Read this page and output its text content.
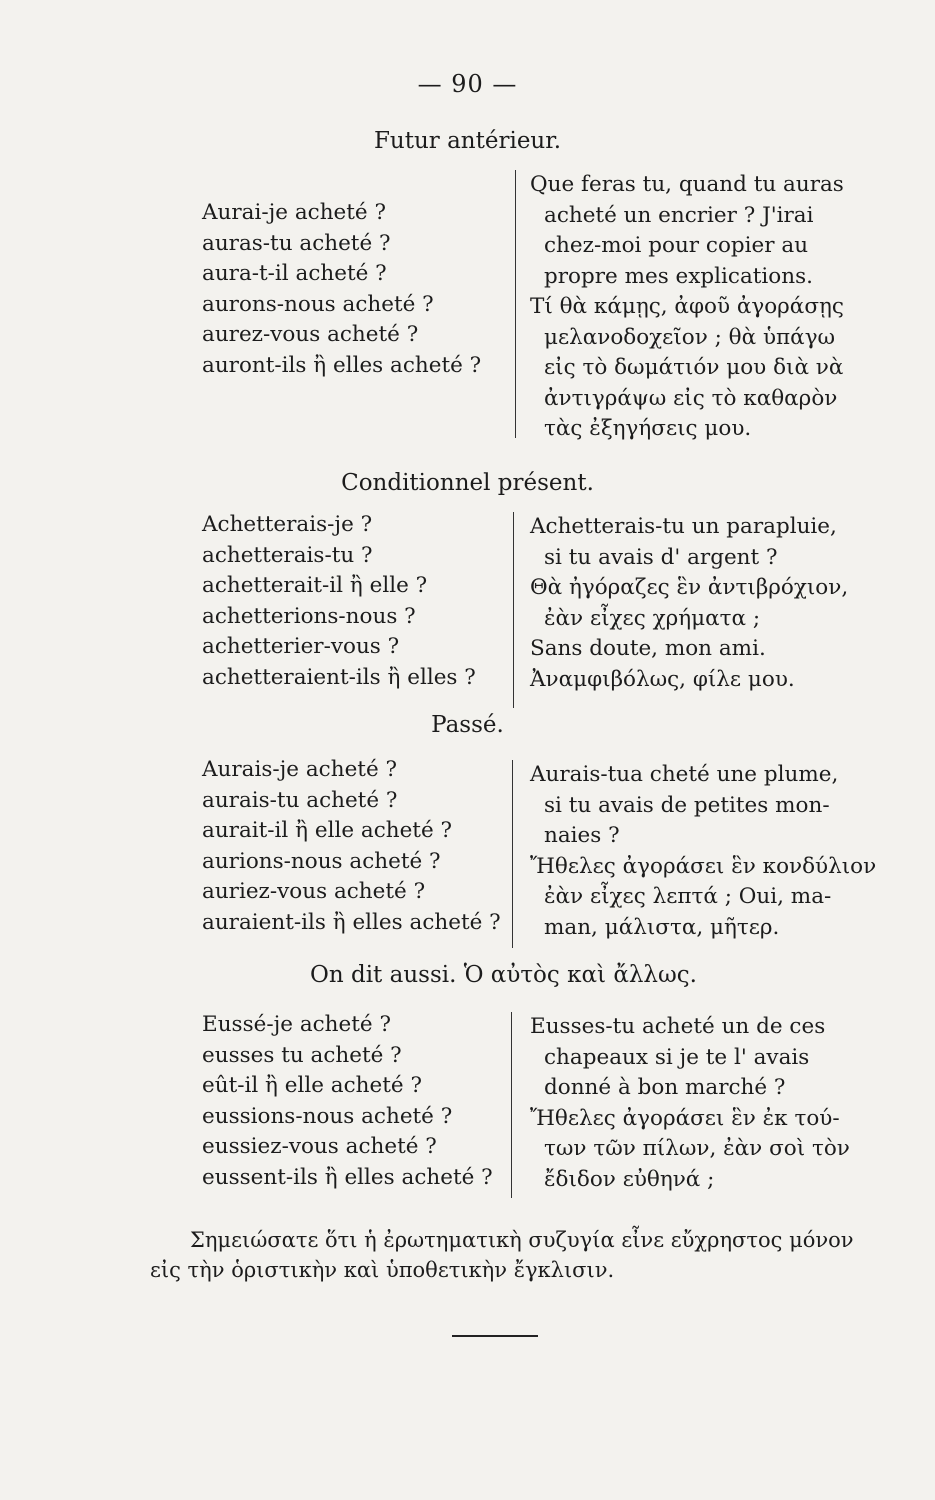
— 90 —
Futur antérieur.
Aurai-je acheté ?
auras-tu acheté ?
aura-t-il acheté ?
aurons-nous acheté ?
aurez-vous acheté ?
auront-ils ἢ elles acheté ?
Que feras tu, quand tu auras
acheté un encrier ? J'irai
chez-moi pour copier au
propre mes explications.
Τί θὰ κάμῃς, ἀφοῦ ἀγοράσῃς
μελανοδοχεῖον ; θὰ ὑπάγω
εἰς τὸ δωμάτιόν μου διὰ νὰ
ἀντιγράψω εἰς τὸ καθαρὸν
τὰς ἐξηγήσεις μου.
Conditionnel présent.
Achetterais-je ?
achetterais-tu ?
achetterait-il ἢ elle ?
achetterions-nous ?
achetterier-vous ?
achetteraient-ils ἢ elles ?
Achetterais-tu un parapluie,
si tu avais d' argent ?
Θὰ ἠγόραζες ἓν ἀντιβρόχιον,
ἐὰν εἶχες χρήματα ;
Sans doute, mon ami.
Ἀναμφιβόλως, φίλε μου.
Passé.
Aurais-je acheté ?
aurais-tu acheté ?
aurait-il ἢ elle acheté ?
aurions-nous acheté ?
auriez-vous acheté ?
auraient-ils ἢ elles acheté ?
Aurais-tua cheté une plume,
si tu avais de petites mon-
naies ?
Ἤθελες ἀγοράσει ἓν κονδύλιον
ἐὰν εἶχες λεπτά ; Oui, ma-
man, μάλιστα, μῆτερ.
On dit aussi. Ὁ αὐτὸς καὶ ἄλλως.
Eussé-je acheté ?
eusses tu acheté ?
eût-il ἢ elle acheté ?
eussions-nous acheté ?
eussiez-vous acheté ?
eussent-ils ἢ elles acheté ?
Eusses-tu acheté un de ces
chapeaux si je te l' avais
donné à bon marché ?
Ἤθελες ἀγοράσει ἓν ἐκ τού-
των τῶν πίλων, ἐὰν σοὶ τὸν
ἔδιδον εὐθηνά ;
Σημειώσατε ὅτι ἡ ἐρωτηματικὴ συζυγία εἶνε εὔχρηστος μόνον
εἰς τὴν ὁριστικὴν καὶ ὑποθετικὴν ἔγκλισιν.
